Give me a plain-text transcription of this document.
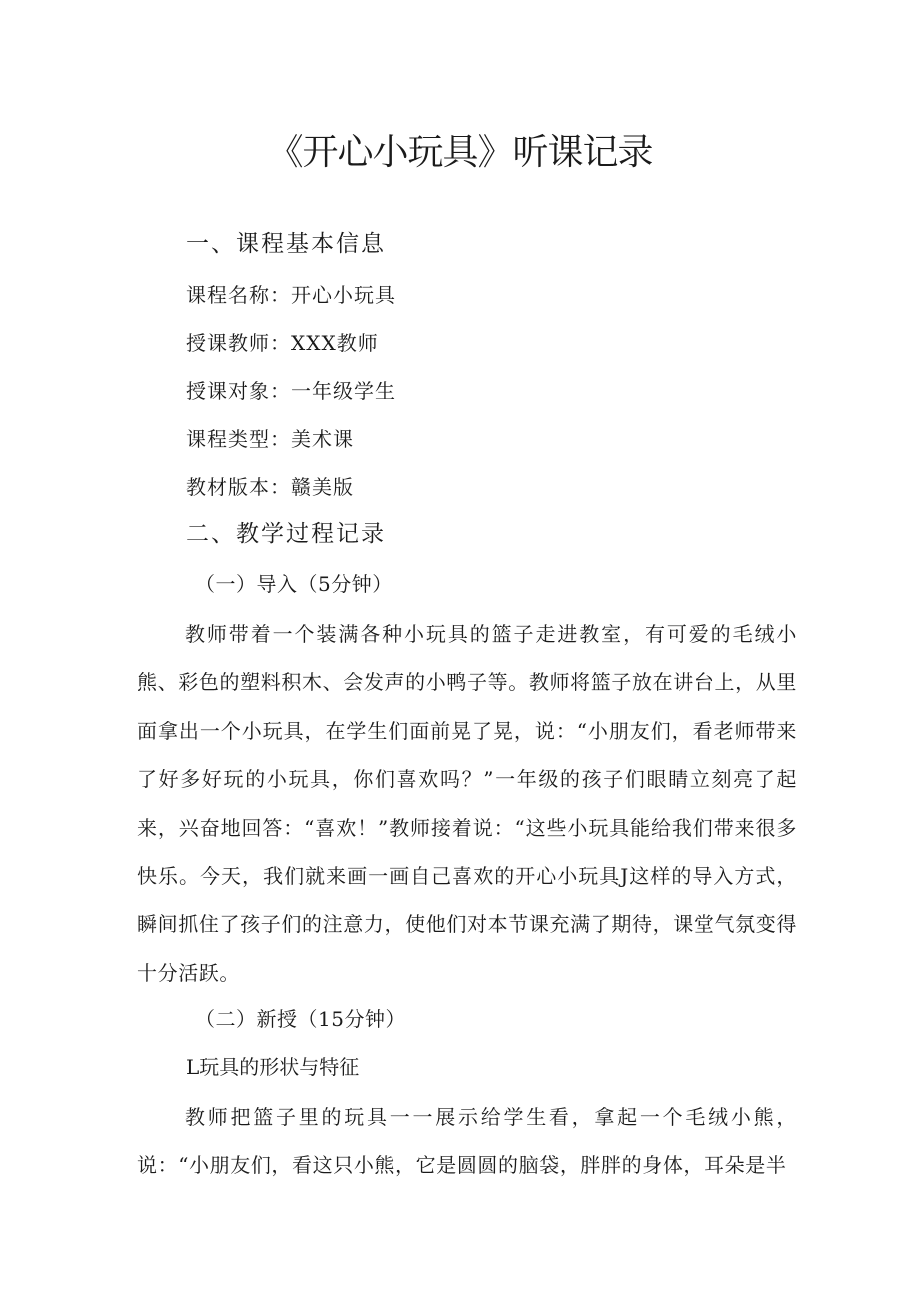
《开心小玩具》听课记录
一、课程基本信息
课程名称：开心小玩具
授课教师：XXX教师
授课对象：一年级学生
课程类型：美术课
教材版本：赣美版
二、教学过程记录
（一）导入（5分钟）

教师带着一个装满各种小玩具的篮子走进教室，有可爱的毛绒小熊、彩色的塑料积木、会发声的小鸭子等。教师将篮子放在讲台上，从里面拿出一个小玩具，在学生们面前晃了晃，说：“小朋友们，看老师带来了好多好玩的小玩具，你们喜欢吗？”一年级的孩子们眼睛立刻亮了起来，兴奋地回答：“喜欢！”教师接着说：“这些小玩具能给我们带来很多快乐。今天，我们就来画一画自己喜欢的开心小玩具J这样的导入方式，瞬间抓住了孩子们的注意力，使他们对本节课充满了期待，课堂气氛变得十分活跃。

（二）新授（15分钟）
L玩具的形状与特征

教师把篮子里的玩具一一展示给学生看，拿起一个毛绒小熊，说：“小朋友们，看这只小熊，它是圆圆的脑袋，胖胖的身体，耳朵是半
